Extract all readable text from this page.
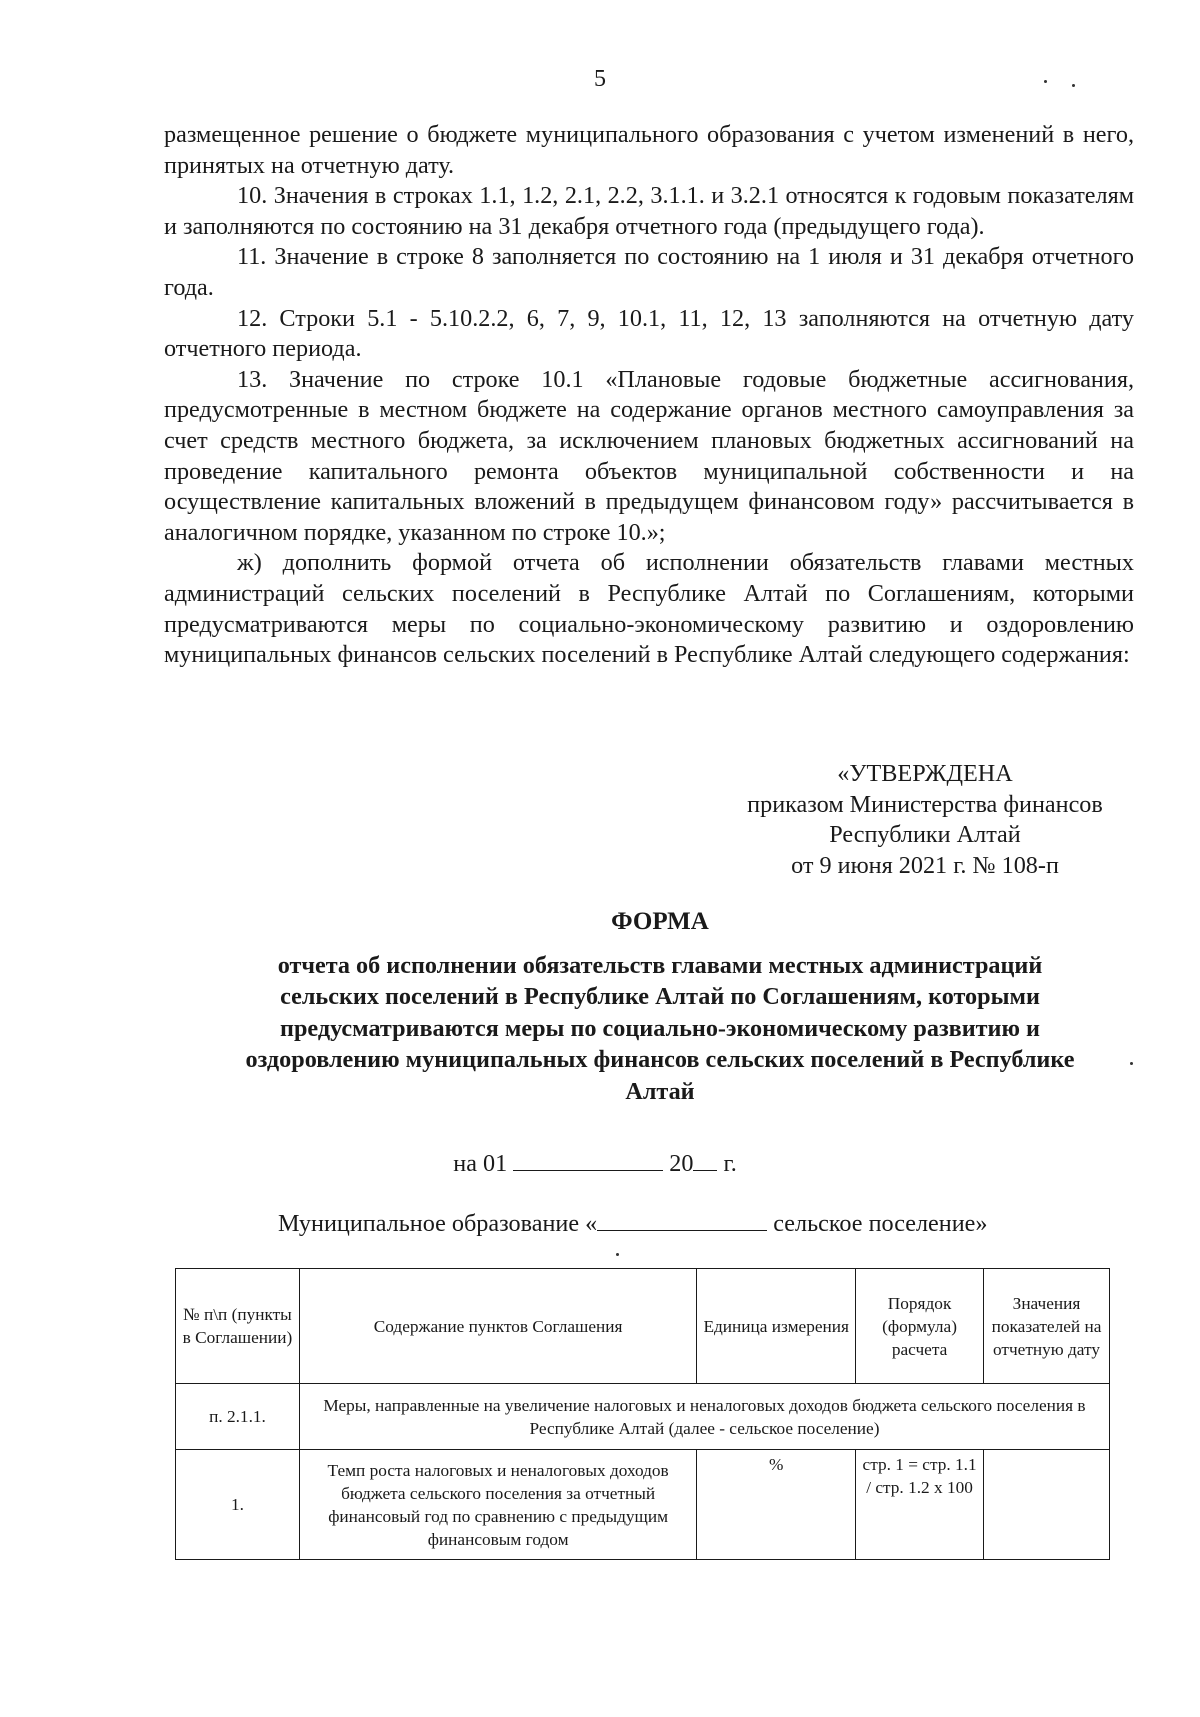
5

размещенное решение о бюджете муниципального образования с учетом изменений в него, принятых на отчетную дату.

10. Значения в строках 1.1, 1.2, 2.1, 2.2, 3.1.1. и 3.2.1 относятся к годовым показателям и заполняются по состоянию на 31 декабря отчетного года (предыдущего года).

11. Значение в строке 8 заполняется по состоянию на 1 июля и 31 декабря отчетного года.

12. Строки 5.1 - 5.10.2.2, 6, 7, 9, 10.1, 11, 12, 13 заполняются на отчетную дату отчетного периода.

13. Значение по строке 10.1 «Плановые годовые бюджетные ассигнования, предусмотренные в местном бюджете на содержание органов местного самоуправления за счет средств местного бюджета, за исключением плановых бюджетных ассигнований на проведение капитального ремонта объектов муниципальной собственности и на осуществление капитальных вложений в предыдущем финансовом году» рассчитывается в аналогичном порядке, указанном по строке 10.»;

ж) дополнить формой отчета об исполнении обязательств главами местных администраций сельских поселений в Республике Алтай по Соглашениям, которыми предусматриваются меры по социально-экономическому развитию и оздоровлению муниципальных финансов сельских поселений в Республике Алтай следующего содержания:

«УТВЕРЖДЕНА
приказом Министерства финансов
Республики Алтай
от 9 июня 2021 г. № 108-п
ФОРМА
отчета об исполнении обязательств главами местных администраций сельских поселений в Республике Алтай по Соглашениям, которыми предусматриваются меры по социально-экономическому развитию и оздоровлению муниципальных финансов сельских поселений в Республике Алтай
на 01	20 г.
Муниципальное образование «	сельское поселение»
№ п\п (пункты в Соглашении)	Содержание пунктов Соглашения	Единица измерения	Порядок (формула) расчета	Значения показателей на отчетную дату
п. 2.1.1.	Меры, направленные на увеличение налоговых и неналоговых доходов бюджета сельского поселения в Республике Алтай (далее - сельское поселение)			
1.	Темп роста налоговых и неналоговых доходов бюджета сельского поселения за отчетный финансовый год по сравнению с предыдущим финансовым годом	%	стр. 1 = стр. 1.1 / стр. 1.2 х 100	
